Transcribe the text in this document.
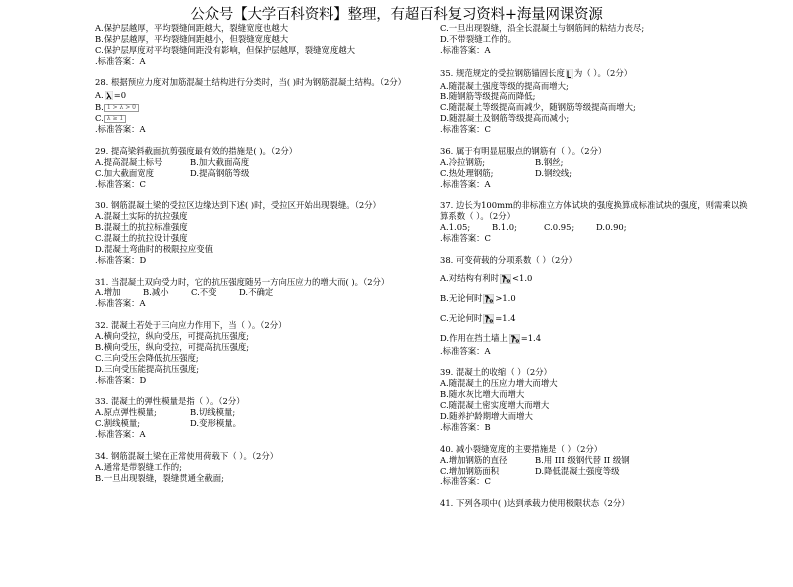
公众号【大学百科资料】整理，有超百科复习资料+海量网课资源
A.保护层越厚，平均裂缝间距越大，裂缝宽度也越大
B.保护层越厚，平均裂缝间距越小，但裂缝宽度越大
C.保护层厚度对平均裂缝间距没有影响，但保护层越厚，裂缝宽度越大
.标准答案：A
28. 根据预应力度对加筋混凝土结构进行分类时，当( )时为钢筋混凝土结构。（2分）
A. =0
B. 1 > λ > 0
C. λ ≥ 1
.标准答案：A
29. 提高梁斜截面抗剪强度最有效的措施是( )。（2分）
A.提高混凝土标号	B.加大截面高度
C.加大截面宽度	D.提高钢筋等级
.标准答案：C
30. 钢筋混凝土梁的受拉区边缘达到下述( )时，受拉区开始出现裂缝。（2分）
A.混凝土实际的抗拉强度
B.混凝土的抗拉标准强度
C.混凝土的抗拉设计强度
D.混凝土弯曲时的极限拉应变值
.标准答案：D
31. 当混凝土双向受力时，它的抗压强度随另一方向压应力的增大而( )。（2分）
A.增加	B.减小	C.不变	D.不确定
.标准答案：A
32. 混凝土若处于三向应力作用下，当（ ）。（2分）
A.横向受拉，纵向受压，可提高抗压强度;
B.横向受压，纵向受拉，可提高抗压强度;
C.三向受压会降低抗压强度;
D.三向受压能提高抗压强度;
.标准答案：D
33. 混凝土的弹性模量是指（ ）。（2分）
A.原点弹性模量;	B.切线模量;
C.割线模量;	D.变形模量。
.标准答案：A
34. 钢筋混凝土梁在正常使用荷载下（ ）。（2分）
A.通常是带裂缝工作的;
B.一旦出现裂缝，裂缝贯通全截面;
C.一旦出现裂缝，沿全长混凝土与钢筋间的粘结力丧尽;
D.不带裂缝工作的。
.标准答案：A
35. 规范规定的受拉钢筋锚固长度 为（ ）。（2分）
A.随混凝土强度等级的提高而增大;
B.随钢筋等级提高而降低;
C.随混凝土等级提高而减少，随钢筋等级提高而增大;
D.随混凝土及钢筋等级提高而减小;
.标准答案：C
36. 属于有明显屈服点的钢筋有（ ）。（2分）
A.冷拉钢筋;	B.钢丝;
C.热处理钢筋;	D.钢绞线;
.标准答案：A
37. 边长为100mm的非标准立方体试块的强度换算成标准试块的强度，则需乘以换
算系数（ ）。（2分）
A.1.05;	B.1.0;	C.0.95;	D.0.90;
.标准答案：C
38. 可变荷载的分项系数（ ）（2分）
A.对结构有利时 <1.0
B.无论何时 >1.0
C.无论何时 =1.4
D.作用在挡土墙上 =1.4
.标准答案：A
39. 混凝土的收缩（ ）（2分）
A.随混凝土的压应力增大而增大
B.随水灰比增大而增大
C.随混凝土密实度增大而增大
D.随养护龄期增大而增大
.标准答案：B
40. 减小裂缝宽度的主要措施是（ ）（2分）
A.增加钢筋的直径	B.用 III 级钢代替 II 级钢
C.增加钢筋面积	D.降低混凝土强度等级
.标准答案：C
41. 下列各项中( )达到承载力使用极限状态（2分）
